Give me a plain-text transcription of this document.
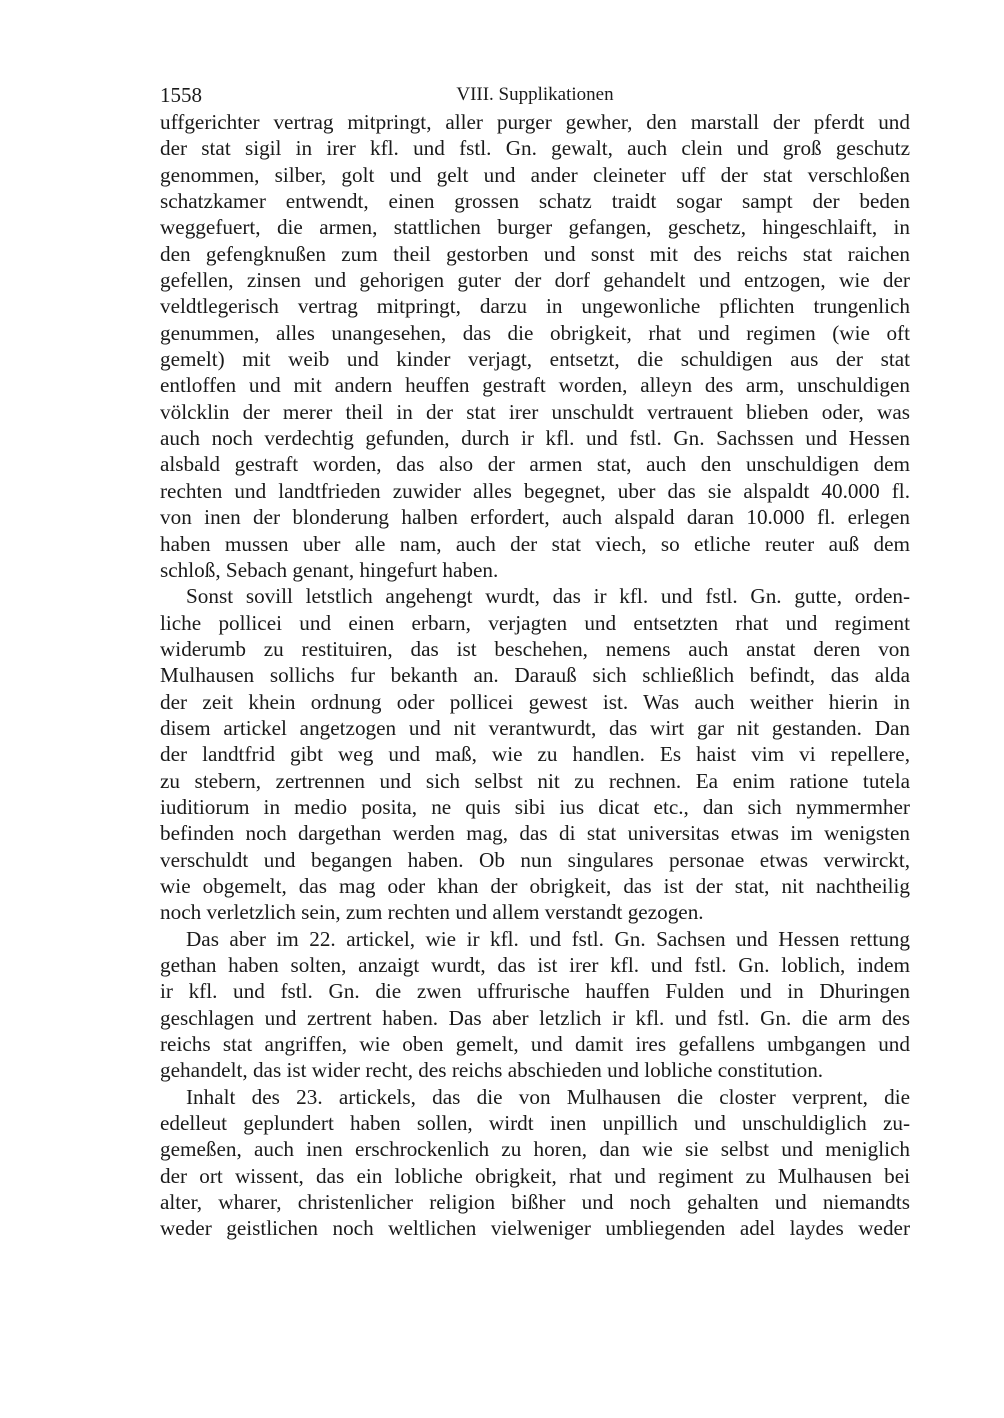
1558	VIII. Supplikationen
uffgerichter vertrag mitpringt, aller purger gewher, den marstall der pferdt und
der stat sigil in irer kfl. und fstl. Gn. gewalt, auch clein und groß geschutz
genommen, silber, golt und gelt und ander cleineter uff der stat verschloßen
schatzkamer entwendt, einen grossen schatz traidt sogar sampt der beden
weggefuert, die armen, stattlichen burger gefangen, geschetz, hingeschlaift, in
den gefengknußen zum theil gestorben und sonst mit des reichs stat raichen
gefellen, zinsen und gehorigen guter der dorf gehandelt und entzogen, wie der
veldtlegerisch vertrag mitpringt, darzu in ungewonliche pflichten trungenlich
genummen, alles unangesehen, das die obrigkeit, rhat und regimen (wie oft
gemelt) mit weib und kinder verjagt, entsetzt, die schuldigen aus der stat
entloffen und mit andern heuffen gestraft worden, alleyn des arm, unschuldigen
völcklin der merer theil in der stat irer unschuldt vertrauent blieben oder, was
auch noch verdechtig gefunden, durch ir kfl. und fstl. Gn. Sachssen und Hessen
alsbald gestraft worden, das also der armen stat, auch den unschuldigen dem
rechten und landtfrieden zuwider alles begegnet, uber das sie alspaldt 40.000 fl.
von inen der blonderung halben erfordert, auch alspald daran 10.000 fl. erlegen
haben mussen uber alle nam, auch der stat viech, so etliche reuter auß dem
schloß, Sebach genant, hingefurt haben.
Sonst sovill letstlich angehengt wurdt, das ir kfl. und fstl. Gn. gutte, orden-
liche pollicei und einen erbarn, verjagten und entsetzten rhat und regiment
widerumb zu restituiren, das ist beschehen, nemens auch anstat deren von
Mulhausen sollichs fur bekanth an. Darauß sich schließlich befindt, das alda
der zeit khein ordnung oder pollicei gewest ist. Was auch weither hierin in
disem artickel angetzogen und nit verantwurdt, das wirt gar nit gestanden. Dan
der landtfrid gibt weg und maß, wie zu handlen. Es haist vim vi repellere,
zu stebern, zertrennen und sich selbst nit zu rechnen. Ea enim ratione tutela
iuditiorum in medio posita, ne quis sibi ius dicat etc., dan sich nymmermher
befinden noch dargethan werden mag, das di stat universitas etwas im wenigsten
verschuldt und begangen haben. Ob nun singulares personae etwas verwirckt,
wie obgemelt, das mag oder khan der obrigkeit, das ist der stat, nit nachtheilig
noch verletzlich sein, zum rechten und allem verstandt gezogen.
Das aber im 22. artickel, wie ir kfl. und fstl. Gn. Sachsen und Hessen rettung
gethan haben solten, anzaigt wurdt, das ist irer kfl. und fstl. Gn. loblich, indem
ir kfl. und fstl. Gn. die zwen uffrurische hauffen Fulden und in Dhuringen
geschlagen und zertrent haben. Das aber letzlich ir kfl. und fstl. Gn. die arm des
reichs stat angriffen, wie oben gemelt, und damit ires gefallens umbgangen und
gehandelt, das ist wider recht, des reichs abschieden und lobliche constitution.
Inhalt des 23. artickels, das die von Mulhausen die closter verprent, die
edelleut geplundert haben sollen, wirdt inen unpillich und unschuldiglich zu-
gemeßen, auch inen erschrockenlich zu horen, dan wie sie selbst und meniglich
der ort wissent, das ein lobliche obrigkeit, rhat und regiment zu Mulhausen bei
alter, wharer, christenlicher religion bißher und noch gehalten und niemandts
weder geistlichen noch weltlichen vielweniger umbliegenden adel laydes weder
